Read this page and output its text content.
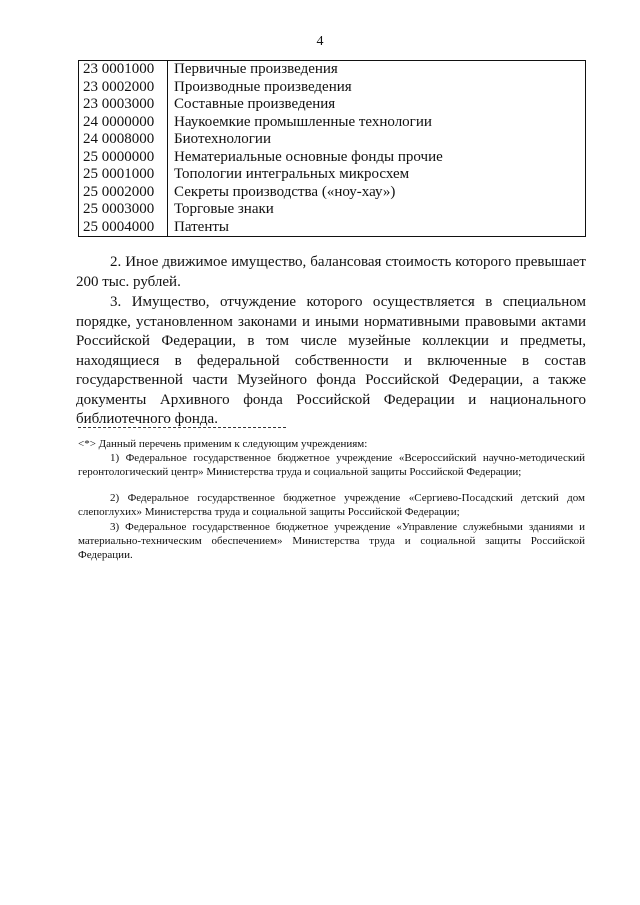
4
23 0001000	Первичные произведения
23 0002000	Производные произведения
23 0003000	Составные произведения
24 0000000	Наукоемкие промышленные технологии
24 0008000	Биотехнологии
25 0000000	Нематериальные основные фонды прочие
25 0001000	Топологии интегральных микросхем
25 0002000	Секреты производства («ноу-хау»)
25 0003000	Торговые знаки
25 0004000	Патенты

2. Иное движимое имущество, балансовая стоимость которого превышает 200 тыс. рублей.

3. Имущество, отчуждение которого осуществляется в специальном порядке, установленном законами и иными нормативными правовыми актами Российской Федерации, в том числе музейные коллекции и предметы, находящиеся в федеральной собственности и включенные в состав государственной части Музейного фонда Российской Федерации, а также документы Архивного фонда Российской Федерации и национального библиотечного фонда.

<*> Данный перечень применим к следующим учреждениям:

1) Федеральное государственное бюджетное учреждение «Всероссийский научно-методический геронтологический центр» Министерства труда и социальной защиты Российской Федерации;

2) Федеральное государственное бюджетное учреждение «Сергиево-Посадский детский дом слепоглухих» Министерства труда и социальной защиты Российской Федерации;

3) Федеральное государственное бюджетное учреждение «Управление служебными зданиями и материально-техническим обеспечением» Министерства труда и социальной защиты Российской Федерации.
